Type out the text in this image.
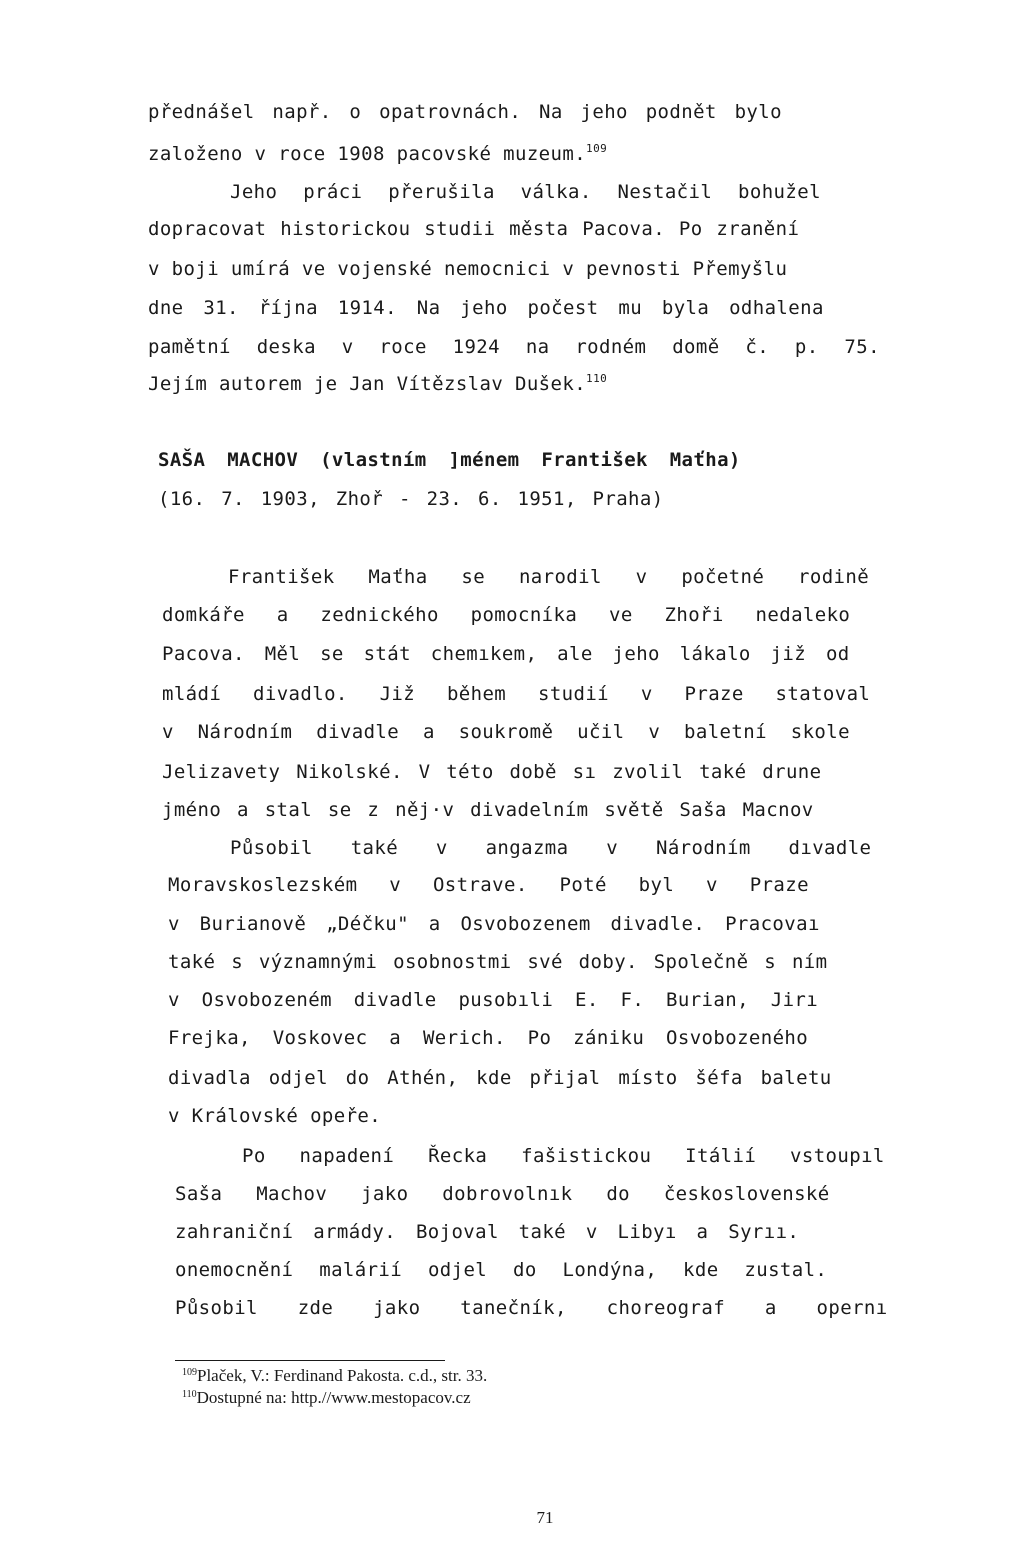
přednášel např. o opatrovnách. Na jeho podnět bylo
založeno v roce 1908 pacovské muzeum.$^{109}$
Jeho práci přerušila válka. Nestačil bohužel
dopracovat historickou studii města Pacova. Po zranění
v boji umírá ve vojenské nemocnici v pevnosti Přemyšlu
dne 31. října 1914. Na jeho počest mu byla odhalena
pamětní deska v roce 1924 na rodném domě č. p. 75.
Jejím autorem je Jan Vítězslav Dušek.$^{110}$
SAŠA MACHOV (vlastním ]ménem František Maťha)
(16. 7. 1903, Zhoř - 23. 6. 1951, Praha)
František Maťha se narodil v početné rodině
domkáře a zednického pomocníka ve Zhoři nedaleko
Pacova. Měl se stát chemıkem, ale jeho lákalo již od
mládí divadlo. Již během studií v Praze statoval
v Národním divadle a soukromě učil v baletní skole
Jelizavety Nikolské. V této době sı zvolil také drune
jméno a stal se z něj·v divadelním světě Saša Macnov
Působil také v angazma v Národním dıvadle
Moravskoslezském v Ostrave. Poté byl v Praze
v Burianově „Déčku" a Osvobozenem divadle. Pracovaı
také s významnými osobnostmi své doby. Společně s ním
v Osvobozeném divadle pusobıli E. F. Burian, Jirı
Frejka, Voskovec a Werich. Po zániku Osvobozeného
divadla odjel do Athén, kde přijal místo šéfa baletu
v Královské opeře.
Po napadení Řecka fašistickou Itálií vstoupıl
Saša Machov jako dobrovolnık do československé
zahraniční armády. Bojoval také v Libyı a Syrıı.
onemocnění malárií odjel do Londýna, kde zustal.
Působil zde jako tanečník, choreograf a opernı
$^{109}$Plaček, V.: Ferdinand Pakosta. c.d., str. 33.
$^{110}$Dostupné na: http.//www.mestopacov.cz
71
